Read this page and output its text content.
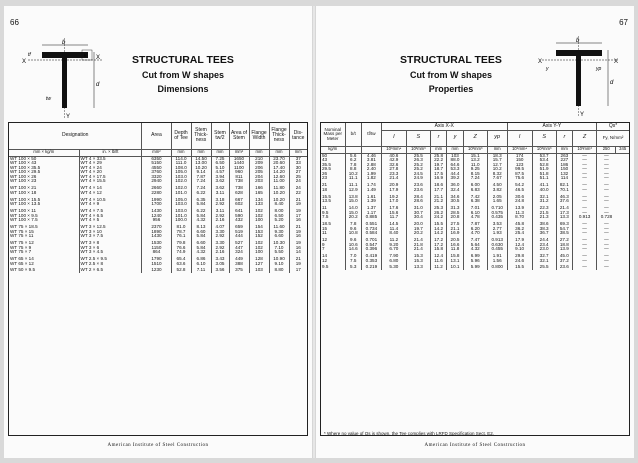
66
b
X
X
Y
d
tf
tw
k	STRUCTURAL TEES
Cut from W shapes
Dimensions
Designation		Area	Depth of Tee	Stem Thick-ness	Stem tw/2	Area of Stem	Flange Width	Flange Thick-ness	Dis-tance
mm × kg/m	in. × lb/ft	mm²	mm	mm	mm	mm²	mm	mm	mm
WT 100 × 50	WT 4 × 33.5	6350	114.0	14.50	7.25	1650	210	23.70	37
WT 100 × 43	WT 4 × 29	5150	111.0	13.00	6.50	1440	209	20.60	33
WT 100 × 35.5	WT 4 × 24	4550	108.0	10.20	5.10	1100	206	17.40	30
WT 100 × 29.5	WT 4 × 20	3760	105.0	9.14	4.57	960	205	14.20	27
WT 100 × 26	WT 4 × 17.5	3320	103.0	7.87	3.94	811	204	12.60	25
WT 100 × 23	WT 4 × 15.5	2940	102.0	7.24	3.62	738	203	11.00	24
WT 100 × 21	WT 4 × 14	2660	102.0	7.24	3.62	738	166	11.80	24
WT 100 × 18	WT 4 × 12	2280	101.0	6.22	3.11	628	165	10.20	22
WT 100 × 15.5	WT 4 × 10.5	1990	105.0	6.35	3.18	667	134	10.20	21
WT 100 × 13.5	WT 4 × 9	1700	103.0	5.84	2.92	602	133	8.40	19
WT 100 × 11	WT 4 × 7.5	1430	103.0	6.22	3.11	641	102	8.00	19
WT 100 × 9.5	WT 4 × 6.5	1240	101.0	5.84	2.92	590	102	6.50	17
WT 100 × 7.5	WT 4 × 5	956	100.0	4.32	2.16	432	100	5.20	16
WT 75 × 18.5	WT 3 × 12.5	2370	81.0	8.13	4.07	659	154	11.60	21
WT 75 × 15	WT 3 × 10	1890	78.7	6.60	3.30	519	153	9.30	19
WT 75 × 11	WT 3 × 7.5	1430	76.1	5.84	2.92	444	152	6.60	16
WT 75 × 12	WT 3 × 8	1530	79.8	6.60	3.30	527	102	10.30	19
WT 75 × 9	WT 3 × 6	1150	76.6	5.84	2.92	447	102	7.10	16
WT 75 × 7	WT 3 × 4.5	864	74.9	4.32	2.16	324	100	5.50	14
WT 65 × 14	WT 2.5 × 9.5	1790	65.4	6.86	3.43	449	128	10.90	21
WT 65 × 12	WT 2.5 × 8	1510	63.6	6.10	3.05	388	127	9.10	19
WT 50 × 9.5	WT 2 × 6.5	1230	52.8	7.11	3.56	375	103	8.80	17
American Institute of Steel Construction
67
STRUCTURAL TEES
Cut from W shapes
Properties
b
X	X
Y
d
y	yp
Nominal Mass per Meter	b/t	tf/tw	Axis X-X						Axis Y-Y				Qs*	
			I	S	r	y	Z	yp	I	S	r	Z	Fy, N/mm²	
kg/m			10⁶mm⁴	10³mm³	mm	mm	10³mm³	mm	10⁶mm⁴	10³mm³	mm	10³mm³	250	345
50	5.6	4.46	40.6	25.5	25.8	103	15.1	18.3	174	53.7	263	—	—	
43	6.2	3.81	42.9	26.3	22.2	88.0	13.2	15.7	150	53.4	227	—	—	
35.5	7.8	2.88	32.6	25.2	19.7	64.6	11.0	12.7	123	52.8	186	—	—	
29.5	8.8	2.40	27.8	25.2	18.7	53.3	9.25	10.2	99.5	51.9	150	—	—	
26	10.2	1.99	23.3	24.5	17.5	44.4	8.15	8.32	87.5	51.8	132	—	—	
23	11.1	1.82	21.4	24.9	16.9	39.2	7.24	7.67	75.6	51.1	114	—	—	
21	11.1	1.74	20.9	23.6	18.6	36.0	6.00	4.50	54.2	41.1	82.1	—	—	
18	12.9	1.49	17.9	23.6	17.7	32.4	6.83	3.82	46.5	40.0	70.1	—	—	
15.5	13.8	1.61	19.2	28.4	21.1	34.6	7.42	2.05	30.6	32.1	46.3	—	—	
13.5	15.0	1.39	17.0	28.6	21.2	30.5	6.38	1.65	24.8	31.2	37.6	—	—	
11	14.0	1.37	17.6	31.0	25.3	31.3	7.01	0.710	13.9	22.3	21.4	—	—	
9.5	15.0	1.17	15.6	30.7	26.2	28.5	6.10	0.575	11.3	21.5	17.3	—	—	
7.5	20.2	0.885	11.7	30.4	24.2	20.8	4.78	0.435	8.70	21.3	13.3	0.913	0.728	
18.5	7.8	0.551	14.5	20.0	15.5	27.5	7.87	3.53	45.8	38.6	69.3	—	—	
15	9.6	0.734	11.4	19.7	14.2	21.1	6.20	2.77	36.2	38.3	54.7	—	—	
11	10.8	0.584	8.40	20.2	14.2	16.9	4.70	1.93	25.4	36.7	38.5	—	—	
12	9.6	0.701	11.2	21.4	17.2	20.5	7.47	0.913	17.9	24.4	27.2	—	—	
9	10.6	0.547	9.20	21.8	17.2	16.6	5.64	0.630	12.4	23.4	18.8	—	—	
7	14.6	0.396	6.70	21.4	15.8	11.8	4.32	0.455	9.10	23.0	13.9	—	—	
14	7.0	0.419	7.90	15.3	12.4	15.8	6.99	1.91	29.8	32.7	45.0	—	—	
12	7.5	0.353	6.80	15.3	11.6	13.1	5.96	1.56	24.6	32.1	37.2	—	—	
9.5	5.3	0.219	5.30	13.3	11.2	10.1	5.99	0.800	15.5	25.5	23.6	—	—	
* Where no value of Qs is shown, the Tee complies with LRFD Specification Sect. E2.
American Institute of Steel Construction
